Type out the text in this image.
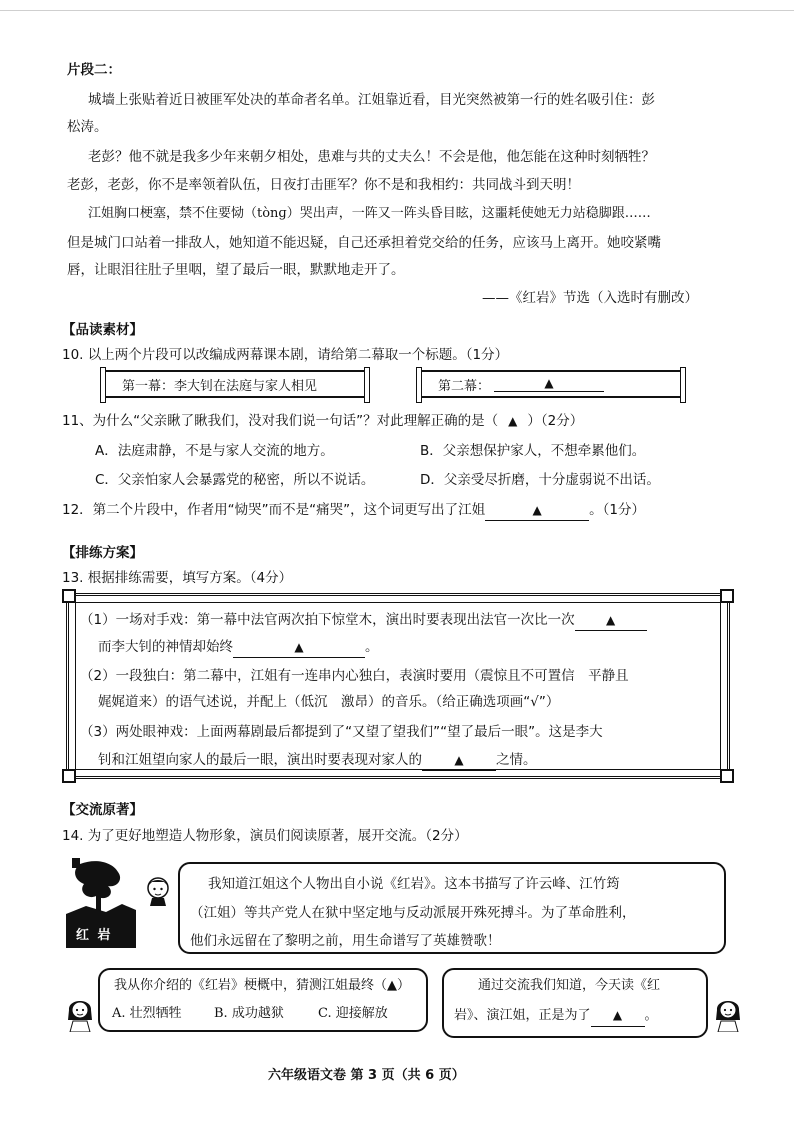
片段二：
城墙上张贴着近日被匪军处决的革命者名单。江姐靠近看，目光突然被第一行的姓名吸引住：彭
松涛。
老彭？他不就是我多少年来朝夕相处，患难与共的丈夫么！不会是他，他怎能在这种时刻牺牲？
老彭，老彭，你不是率领着队伍，日夜打击匪军？你不是和我相约：共同战斗到天明！
江姐胸口梗塞，禁不住要恸（tònɡ）哭出声，一阵又一阵头昏目眩，这噩耗使她无力站稳脚跟……
但是城门口站着一排敌人，她知道不能迟疑，自己还承担着党交给的任务，应该马上离开。她咬紧嘴
唇，让眼泪往肚子里咽，望了最后一眼，默默地走开了。
——《红岩》节选（入选时有删改）
【品读素材】
10. 以上两个片段可以改编成两幕课本剧，请给第二幕取一个标题。（1分）
第一幕：李大钊在法庭与家人相见	第二幕：	▲
11、为什么“父亲瞅了瞅我们，没对我们说一句话”？对此理解正确的是（ ▲ ）（2分）
A．法庭肃静，不是与家人交流的地方。	B．父亲想保护家人，不想牵累他们。
C．父亲怕家人会暴露党的秘密，所以不说话。	D．父亲受尽折磨，十分虚弱说不出话。
12．第二个片段中，作者用“恸哭”而不是“痛哭”，这个词更写出了江姐	▲	。（1分）
【排练方案】
13. 根据排练需要，填写方案。（4分）
（1）一场对手戏：第一幕中法官两次拍下惊堂木，演出时要表现出法官一次比一次	▲
而李大钊的神情却始终	▲	。
（2）一段独白：第二幕中，江姐有一连串内心独白，表演时要用（震惊且不可置信　平静且
娓娓道来）的语气述说，并配上（低沉　激昂）的音乐。（给正确选项画“√”）
（3）两处眼神戏：上面两幕剧最后都提到了“又望了望我们”“望了最后一眼”。这是李大
钊和江姐望向家人的最后一眼，演出时要表现对家人的	▲ 之情。
【交流原著】
14. 为了更好地塑造人物形象，演员们阅读原著，展开交流。（2分）
红 岩
我知道江姐这个人物出自小说《红岩》。这本书描写了许云峰、江竹筠
（江姐）等共产党人在狱中坚定地与反动派展开殊死搏斗。为了革命胜利，
他们永远留在了黎明之前，用生命谱写了英雄赞歌！
我从你介绍的《红岩》梗概中，猜测江姐最终（▲）
A. 壮烈牺牲 B. 成功越狱	C. 迎接解放
通过交流我们知道，今天读《红
岩》、演江姐，正是为了 ▲ 。
六年级语文卷 第 3 页（共 6 页）
